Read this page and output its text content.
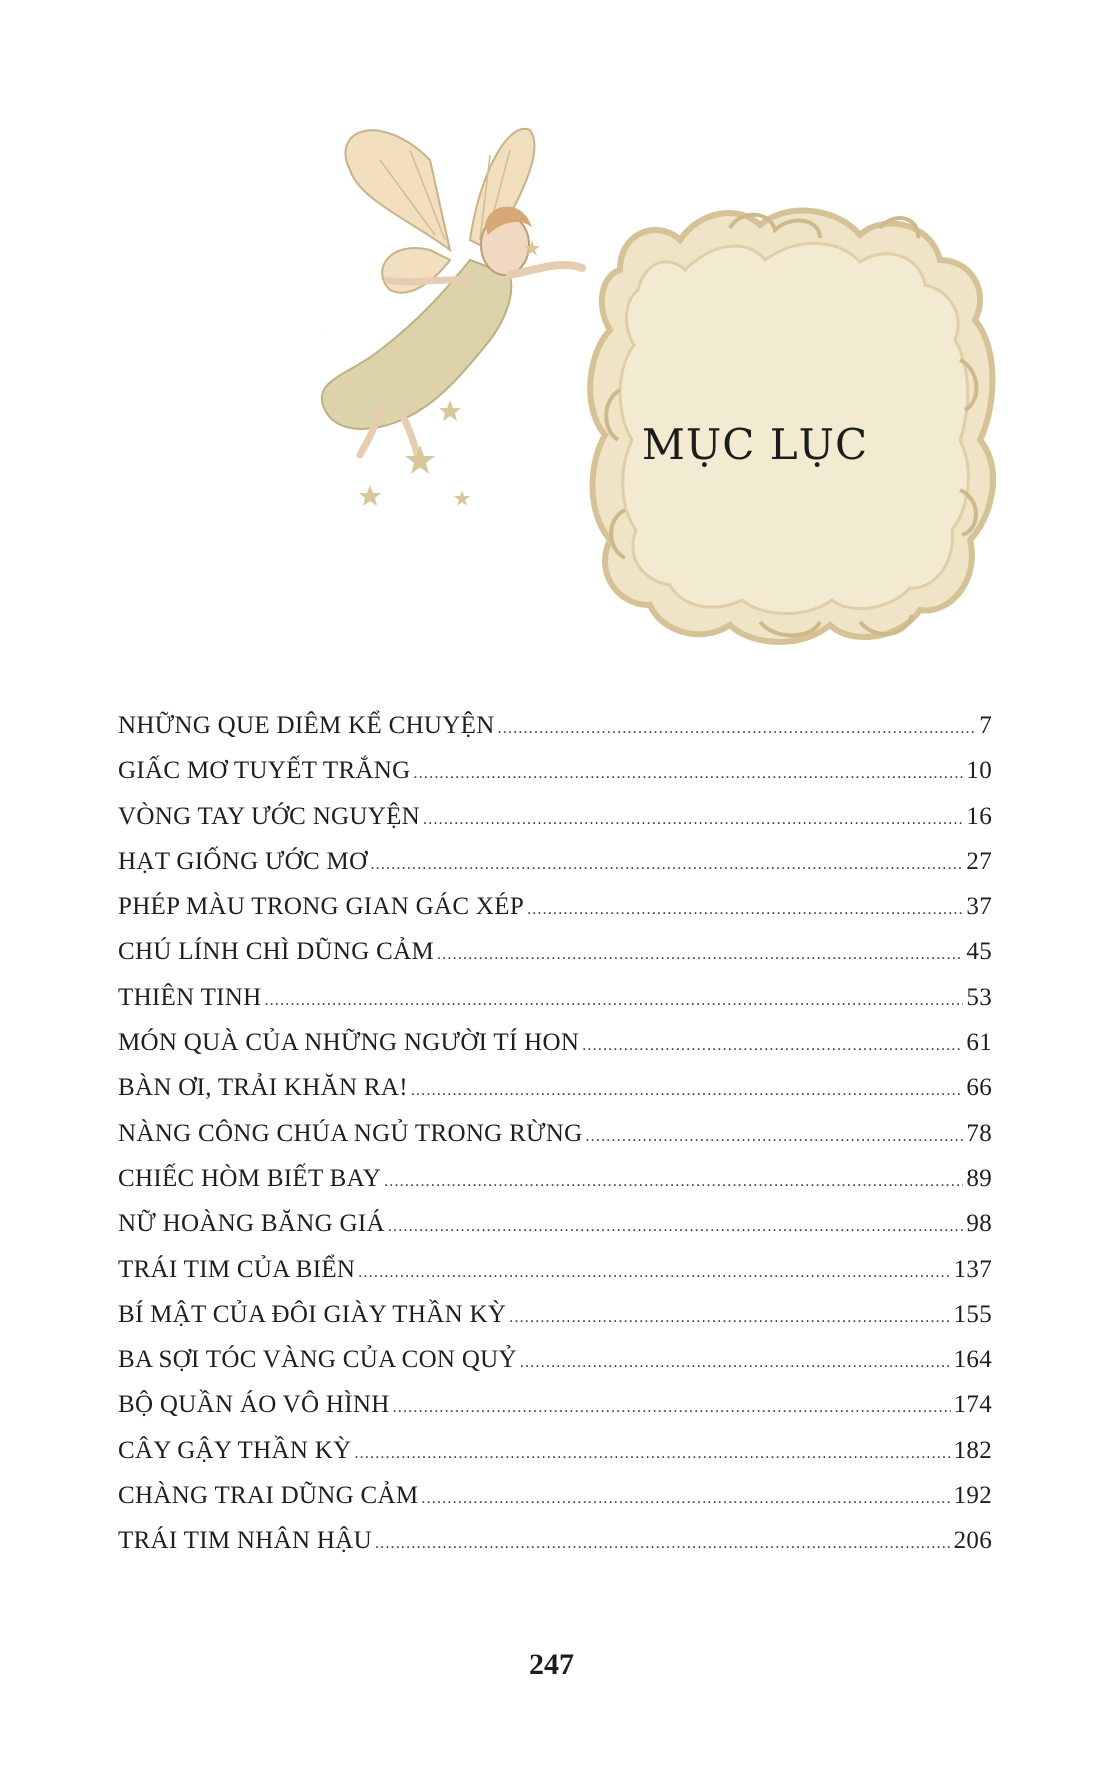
MỤC LỤC
NHỮNG QUE DIÊM KỂ CHUYỆN .....	7
GIẤC MƠ TUYẾT TRẮNG .....	10
VÒNG TAY ƯỚC NGUYỆN .....	16
HẠT GIỐNG ƯỚC MƠ .....	27
PHÉP MÀU TRONG GIAN GÁC XÉP .....	37
CHÚ LÍNH CHÌ DŨNG CẢM .....	45
THIÊN TINH .....	53
MÓN QUÀ CỦA NHỮNG NGƯỜI TÍ HON .....	61
BÀN ƠI, TRẢI KHĂN RA! .....	66
NÀNG CÔNG CHÚA NGỦ TRONG RỪNG .....	78
CHIẾC HÒM BIẾT BAY .....	89
NỮ HOÀNG BĂNG GIÁ .....	98
TRÁI TIM CỦA BIỂN .....	137
BÍ MẬT CỦA ĐÔI GIÀY THẦN KỲ .....	155
BA SỢI TÓC VÀNG CỦA CON QUỶ .....	164
BỘ QUẦN ÁO VÔ HÌNH .....	174
CÂY GẬY THẦN KỲ .....	182
CHÀNG TRAI DŨNG CẢM .....	192
TRÁI TIM NHÂN HẬU .....	206
247
